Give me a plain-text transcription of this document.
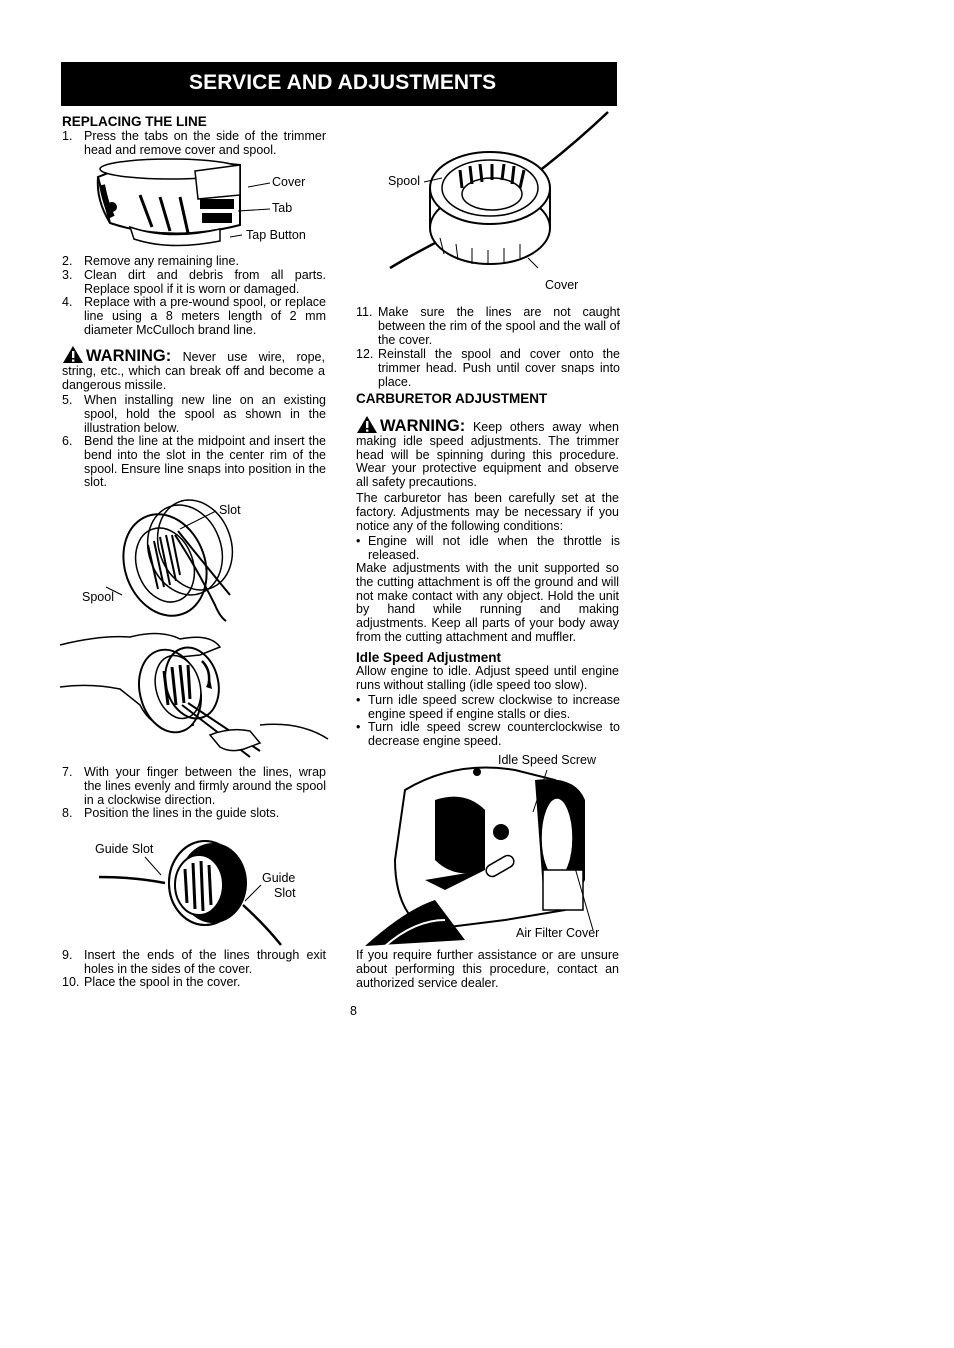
SERVICE AND ADJUSTMENTS
REPLACING THE LINE
1. Press the tabs on the side of the trimmer head and remove cover and spool.
Cover
Tab
Tap Button
2. Remove any remaining line.
3. Clean dirt and debris from all parts. Replace spool if it is worn or damaged.
4. Replace with a pre-wound spool, or replace line using a 8 meters length of 2 mm diameter McCulloch brand line.
WARNING: Never use wire, rope, string, etc., which can break off and become a dangerous missile.
5. When installing new line on an existing spool, hold the spool as shown in the illustration below.
6. Bend the line at the midpoint and insert the bend into the slot in the center rim of the spool. Ensure line snaps into position in the slot.
Slot
Spool
7. With your finger between the lines, wrap the lines evenly and firmly around the spool in a clockwise direction.
8. Position the lines in the guide slots.
Guide Slot
Guide
Slot
9. Insert the ends of the lines through exit holes in the sides of the cover.
10. Place the spool in the cover.
Spool
Cover
11. Make sure the lines are not caught between the rim of the spool and the wall of the cover.
12. Reinstall the spool and cover onto the trimmer head. Push until cover snaps into place.
CARBURETOR ADJUSTMENT
WARNING: Keep others away when making idle speed adjustments. The trimmer head will be spinning during this procedure. Wear your protective equipment and observe all safety precautions.
The carburetor has been carefully set at the factory. Adjustments may be necessary if you notice any of the following conditions:
• Engine will not idle when the throttle is released.
Make adjustments with the unit supported so the cutting attachment is off the ground and will not make contact with any object. Hold the unit by hand while running and making adjustments. Keep all parts of your body away from the cutting attachment and muffler.
Idle Speed Adjustment
Allow engine to idle. Adjust speed until engine runs without stalling (idle speed too slow).
• Turn idle speed screw clockwise to increase engine speed if engine stalls or dies.
• Turn idle speed screw counterclockwise to decrease engine speed.
Idle Speed Screw
Air Filter Cover
If you require further assistance or are unsure about performing this procedure, contact an authorized service dealer.
8
